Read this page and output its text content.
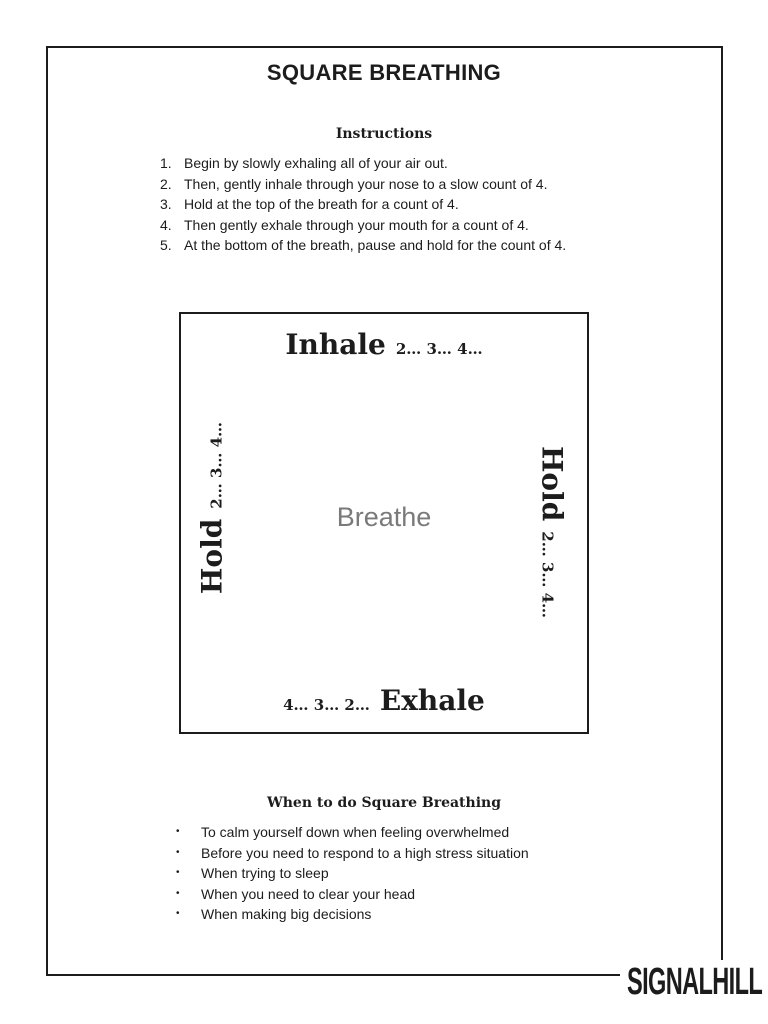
SQUARE BREATHING
Instructions
1. Begin by slowly exhaling all of your air out.
2. Then, gently inhale through your nose to a slow count of 4.
3. Hold at the top of the breath for a count of 4.
4. Then gently exhale through your mouth for a count of 4.
5. At the bottom of the breath, pause and hold for the count of 4.
Inhale 2… 3… 4…
Hold2… 3… 4…	Hold2… 3… 4…
Breathe
4… 3… 2… Exhale
When to do Square Breathing
•	To calm yourself down when feeling overwhelmed
•	Before you need to respond to a high stress situation
•	When trying to sleep
•	When you need to clear your head
•	When making big decisions
SIGNALHILL
